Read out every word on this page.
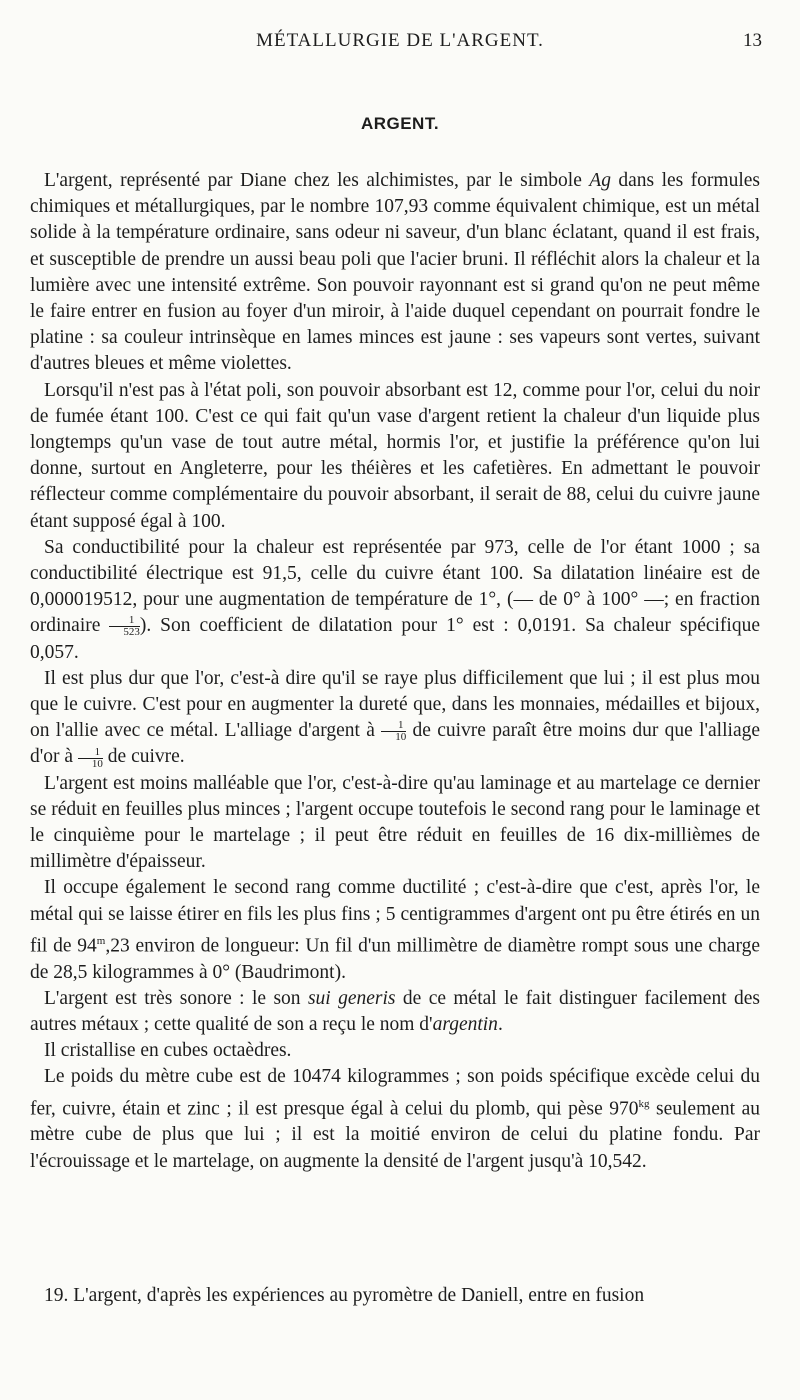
MÉTALLURGIE DE L'ARGENT.	13
ARGENT.

L'argent, représenté par Diane chez les alchimistes, par le simbole Ag dans les formules chimiques et métallurgiques, par le nombre 107,93 comme équivalent chimique, est un métal solide à la température ordinaire, sans odeur ni saveur, d'un blanc éclatant, quand il est frais, et susceptible de prendre un aussi beau poli que l'acier bruni. Il réfléchit alors la chaleur et la lumière avec une intensité extrême. Son pouvoir rayonnant est si grand qu'on ne peut même le faire entrer en fusion au foyer d'un miroir, à l'aide duquel cependant on pourrait fondre le platine : sa couleur intrinsèque en lames minces est jaune : ses vapeurs sont vertes, suivant d'autres bleues et même violettes.

Lorsqu'il n'est pas à l'état poli, son pouvoir absorbant est 12, comme pour l'or, celui du noir de fumée étant 100. C'est ce qui fait qu'un vase d'argent retient la chaleur d'un liquide plus longtemps qu'un vase de tout autre métal, hormis l'or, et justifie la préférence qu'on lui donne, surtout en Angleterre, pour les théières et les cafetières. En admettant le pouvoir réflecteur comme complémentaire du pouvoir absorbant, il serait de 88, celui du cuivre jaune étant supposé égal à 100.

Sa conductibilité pour la chaleur est représentée par 973, celle de l'or étant 1000 ; sa conductibilité électrique est 91,5, celle du cuivre étant 100. Sa dilatation linéaire est de 0,000019512, pour une augmentation de température de 1°, (— de 0° à 100° —; en fraction ordinaire $\frac{1}{523}$ ). Son coefficient de dilatation pour 1° est : 0,0191. Sa chaleur spécifique 0,057.

Il est plus dur que l'or, c'est-à dire qu'il se raye plus difficilement que lui ; il est plus mou que le cuivre. C'est pour en augmenter la dureté que, dans les monnaies, médailles et bijoux, on l'allie avec ce métal. L'alliage d'argent à $\frac{1}{10}$ de cuivre paraît être moins dur que l'alliage d'or à $\frac{1}{10}$ de cuivre.

L'argent est moins malléable que l'or, c'est-à-dire qu'au laminage et au martelage ce dernier se réduit en feuilles plus minces ; l'argent occupe toutefois le second rang pour le laminage et le cinquième pour le martelage ; il peut être réduit en feuilles de 16 dix-millièmes de millimètre d'épaisseur.

Il occupe également le second rang comme ductilité ; c'est-à-dire que c'est, après l'or, le métal qui se laisse étirer en fils les plus fins ; 5 centigrammes d'argent ont pu être étirés en un fil de 94$^m$,23 environ de longueur: Un fil d'un millimètre de diamètre rompt sous une charge de 28,5 kilogrammes à 0° (Baudrimont).

L'argent est très sonore : le son sui generis de ce métal le fait distinguer facilement des autres métaux ; cette qualité de son a reçu le nom d'argentin.

Il cristallise en cubes octaèdres.

Le poids du mètre cube est de 10474 kilogrammes ; son poids spécifique excède celui du fer, cuivre, étain et zinc ; il est presque égal à celui du plomb, qui pèse $970^{kg}$ seulement au mètre cube de plus que lui ; il est la moitié environ de celui du platine fondu. Par l'écrouissage et le martelage, on augmente la densité de l'argent jusqu'à 10,542.

19. L'argent, d'après les expériences au pyromètre de Daniell, entre en fusion
